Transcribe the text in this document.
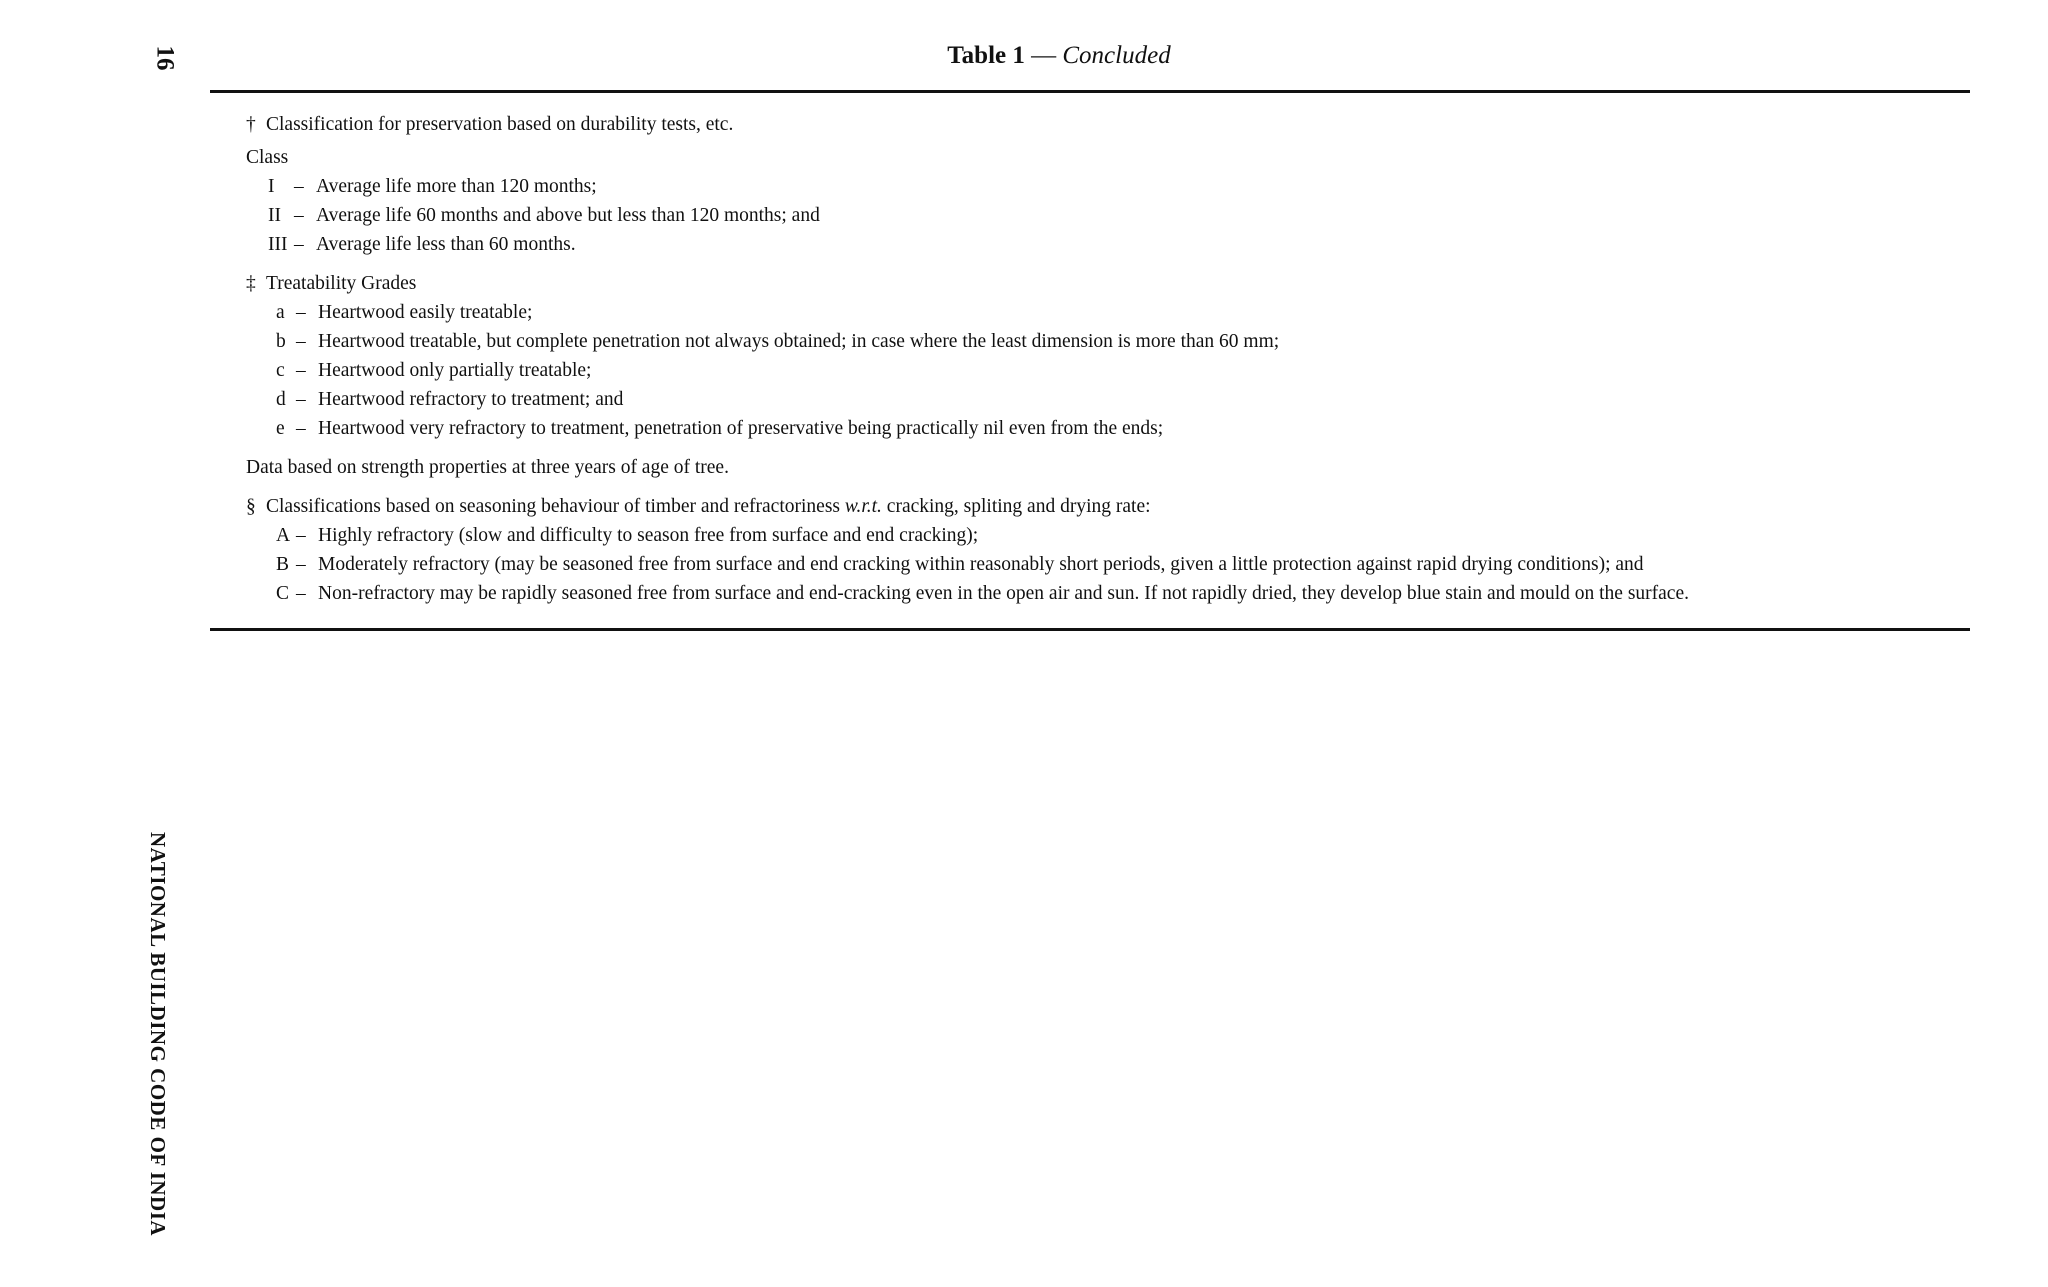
16
NATIONAL BUILDING CODE OF INDIA
Table 1 — Concluded
† Classification for preservation based on durability tests, etc.
Class
I – Average life more than 120 months;
II – Average life 60 months and above but less than 120 months; and
III – Average life less than 60 months.
‡ Treatability Grades
a – Heartwood easily treatable;
b – Heartwood treatable, but complete penetration not always obtained; in case where the least dimension is more than 60 mm;
c – Heartwood only partially treatable;
d – Heartwood refractory to treatment; and
e – Heartwood very refractory to treatment, penetration of preservative being practically nil even from the ends;
Data based on strength properties at three years of age of tree.
§ Classifications based on seasoning behaviour of timber and refractoriness w.r.t. cracking, spliting and drying rate:
A – Highly refractory (slow and difficulty to season free from surface and end cracking);
B – Moderately refractory (may be seasoned free from surface and end cracking within reasonably short periods, given a little protection against rapid drying conditions); and
C – Non-refractory may be rapidly seasoned free from surface and end-cracking even in the open air and sun. If not rapidly dried, they develop blue stain and mould on the surface.
